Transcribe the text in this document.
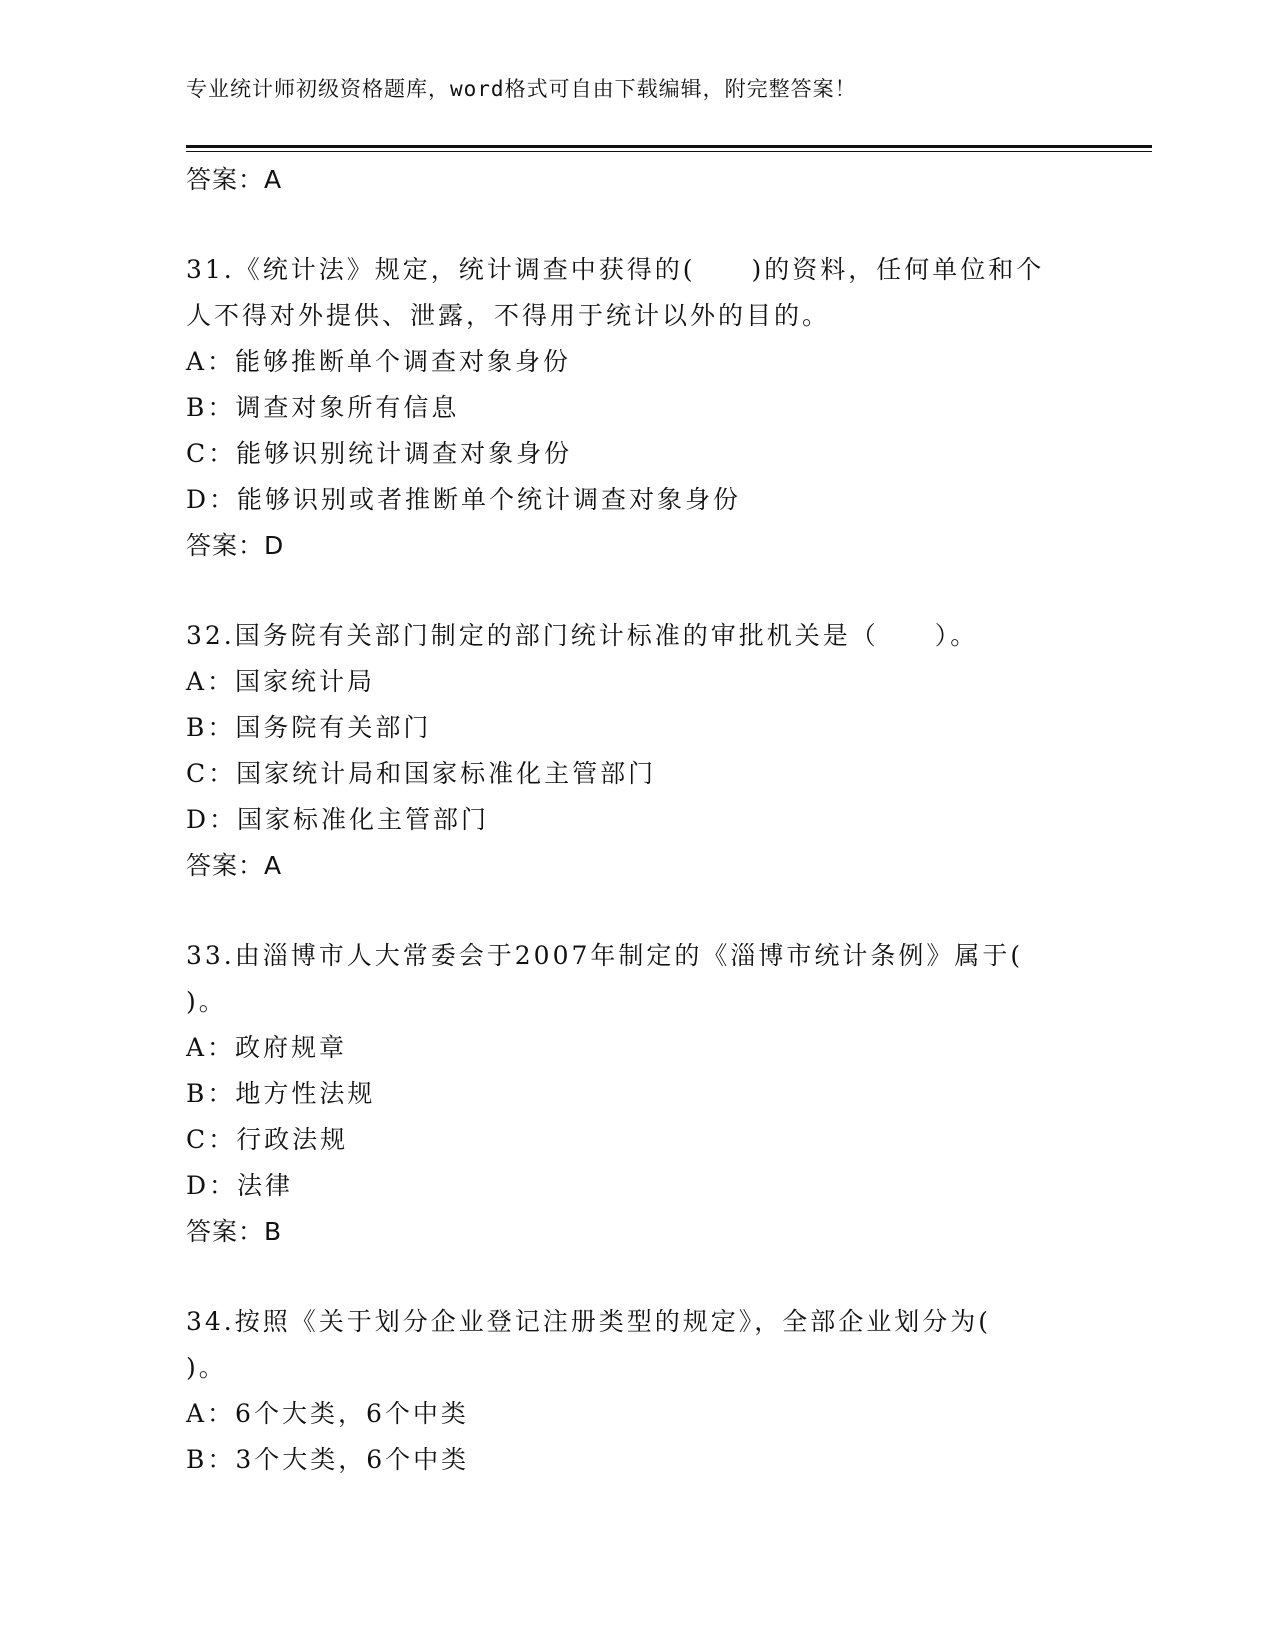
专业统计师初级资格题库，word格式可自由下载编辑，附完整答案！
答案：A
31.《统计法》规定，统计调查中获得的(　　)的资料，任何单位和个
人不得对外提供、泄露，不得用于统计以外的目的。
A：能够推断单个调查对象身份
B：调查对象所有信息
C：能够识别统计调查对象身份
D：能够识别或者推断单个统计调查对象身份
答案：D
32.国务院有关部门制定的部门统计标准的审批机关是（　　）。
A：国家统计局
B：国务院有关部门
C：国家统计局和国家标准化主管部门
D：国家标准化主管部门
答案：A
33.由淄博市人大常委会于2007年制定的《淄博市统计条例》属于(
)。
A：政府规章
B：地方性法规
C：行政法规
D：法律
答案：B
34.按照《关于划分企业登记注册类型的规定》，全部企业划分为(
)。
A：6个大类，6个中类
B：3个大类，6个中类
